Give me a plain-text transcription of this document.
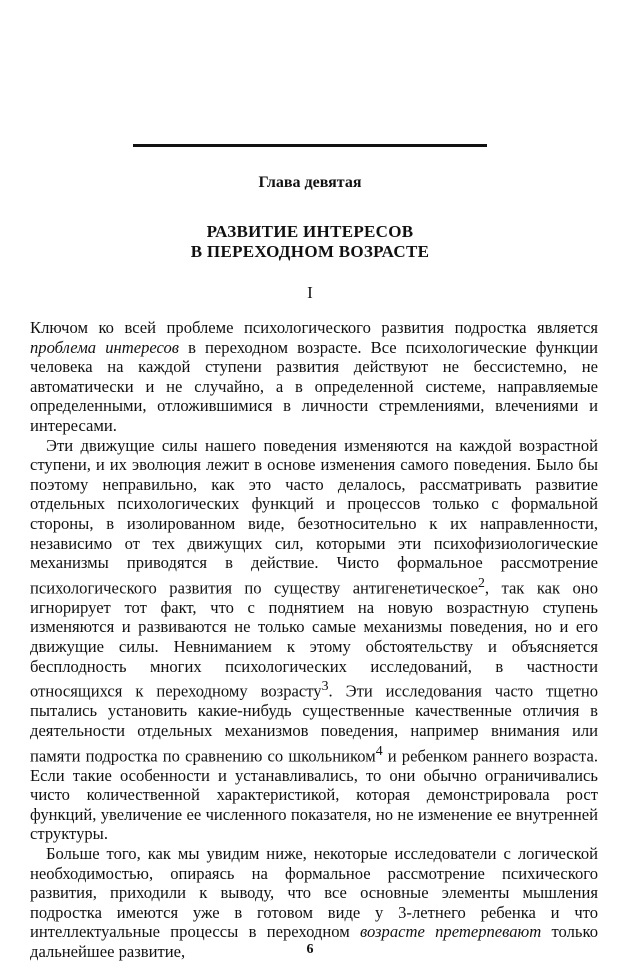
Глава девятая
РАЗВИТИЕ ИНТЕРЕСОВ
В ПЕРЕХОДНОМ ВОЗРАСТЕ
I

Ключом ко всей проблеме психологического развития подростка является проблема интересов в переходном возрасте. Все психологические функции человека на каждой ступени развития действуют не бессистемно, не автоматически и не случайно, а в определенной системе, направляемые определенными, отложившимися в личности стремлениями, влечениями и интересами.

Эти движущие силы нашего поведения изменяются на каждой возрастной ступени, и их эволюция лежит в основе изменения самого поведения. Было бы поэтому неправильно, как это часто делалось, рассматривать развитие отдельных психологических функций и процессов только с формальной стороны, в изолированном виде, безотносительно к их направленности, независимо от тех движущих сил, которыми эти психофизиологические механизмы приводятся в действие. Чисто формальное рассмотрение психологического развития по существу антигенетическое$^2$, так как оно игнорирует тот факт, что с поднятием на новую возрастную ступень изменяются и развиваются не только самые механизмы поведения, но и его движущие силы. Невниманием к этому обстоятельству и объясняется бесплодность многих психологических исследований, в частности относящихся к переходному возрасту$^3$. Эти исследования часто тщетно пытались установить какие-нибудь существенные качественные отличия в деятельности отдельных механизмов поведения, например внимания или памяти подростка по сравнению со школьником$^4$ и ребенком раннего возраста. Если такие особенности и устанавливались, то они обычно ограничивались чисто количественной характеристикой, которая демонстрировала рост функций, увеличение ее численного показателя, но не изменение ее внутренней структуры.

Больше того, как мы увидим ниже, некоторые исследователи с логической необходимостью, опираясь на формальное рассмотрение психического развития, приходили к выводу, что все основные элементы мышления подростка имеются уже в готовом виде у 3-летнего ребенка и что интеллектуальные процессы в переходном возрасте претерпевают только дальнейшее развитие,	6
